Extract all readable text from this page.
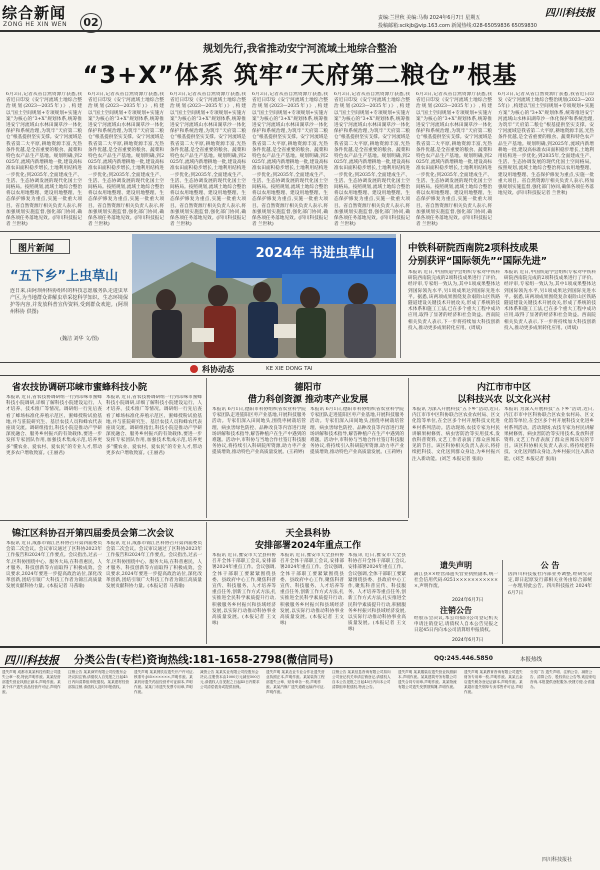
综合新闻
ZONG HE XIN WEN	02	责编:兰世秋 美编:马梅 2024年6月7日 星期五
投稿邮箱:scikjb@vip.163.com 新闻热线:028-65059836 65059830
四川科技报
规划先行,我省推动安宁河流域土地综合整治
“3+X”体系 筑牢“天府第二粮仓”根基
6月3日,记者从省自然资源厅获悉,我省近日印发《安宁河流域土地综合整治规划(2023—2035年)》,构建以“国土空间规划+专项规划+实施方案”为核心的“3+X”规划体系,统筹推进安宁河流域山水林田湖草沙一体化保护和系统治理,为筑牢“天府第二粮仓”根基提供坚实支撑。安宁河流域是我省第二大平原,耕地资源丰富,光热条件优越,是全省重要的粮食、蔬菜和特色农产品生产基地。规划明确,到2025年,流域内新增耕地一批,建设高标准农田面积稳步增长,土地利用结构进一步优化;到2035年,全面建成生产、生活、生态协调发展的现代化国土空间格局。按照规划,流域土地综合整治将以农用地整理、建设用地整理、生态保护修复为重点,实施一批重大项目。省自然资源厅相关负责人表示,将加强规划实施监督,强化部门协同,确保各项任务落地见效。(四川科技报记者 兰世秋)
6月3日,记者从省自然资源厅获悉,我省近日印发《安宁河流域土地综合整治规划(2023—2035年)》,构建以“国土空间规划+专项规划+实施方案”为核心的“3+X”规划体系,统筹推进安宁河流域山水林田湖草沙一体化保护和系统治理,为筑牢“天府第二粮仓”根基提供坚实支撑。安宁河流域是我省第二大平原,耕地资源丰富,光热条件优越,是全省重要的粮食、蔬菜和特色农产品生产基地。规划明确,到2025年,流域内新增耕地一批,建设高标准农田面积稳步增长,土地利用结构进一步优化;到2035年,全面建成生产、生活、生态协调发展的现代化国土空间格局。按照规划,流域土地综合整治将以农用地整理、建设用地整理、生态保护修复为重点,实施一批重大项目。省自然资源厅相关负责人表示,将加强规划实施监督,强化部门协同,确保各项任务落地见效。(四川科技报记者 兰世秋)
6月3日,记者从省自然资源厅获悉,我省近日印发《安宁河流域土地综合整治规划(2023—2035年)》,构建以“国土空间规划+专项规划+实施方案”为核心的“3+X”规划体系,统筹推进安宁河流域山水林田湖草沙一体化保护和系统治理,为筑牢“天府第二粮仓”根基提供坚实支撑。安宁河流域是我省第二大平原,耕地资源丰富,光热条件优越,是全省重要的粮食、蔬菜和特色农产品生产基地。规划明确,到2025年,流域内新增耕地一批,建设高标准农田面积稳步增长,土地利用结构进一步优化;到2035年,全面建成生产、生活、生态协调发展的现代化国土空间格局。按照规划,流域土地综合整治将以农用地整理、建设用地整理、生态保护修复为重点,实施一批重大项目。省自然资源厅相关负责人表示,将加强规划实施监督,强化部门协同,确保各项任务落地见效。(四川科技报记者 兰世秋)
6月3日,记者从省自然资源厅获悉,我省近日印发《安宁河流域土地综合整治规划(2023—2035年)》,构建以“国土空间规划+专项规划+实施方案”为核心的“3+X”规划体系,统筹推进安宁河流域山水林田湖草沙一体化保护和系统治理,为筑牢“天府第二粮仓”根基提供坚实支撑。安宁河流域是我省第二大平原,耕地资源丰富,光热条件优越,是全省重要的粮食、蔬菜和特色农产品生产基地。规划明确,到2025年,流域内新增耕地一批,建设高标准农田面积稳步增长,土地利用结构进一步优化;到2035年,全面建成生产、生活、生态协调发展的现代化国土空间格局。按照规划,流域土地综合整治将以农用地整理、建设用地整理、生态保护修复为重点,实施一批重大项目。省自然资源厅相关负责人表示,将加强规划实施监督,强化部门协同,确保各项任务落地见效。(四川科技报记者 兰世秋)
6月3日,记者从省自然资源厅获悉,我省近日印发《安宁河流域土地综合整治规划(2023—2035年)》,构建以“国土空间规划+专项规划+实施方案”为核心的“3+X”规划体系,统筹推进安宁河流域山水林田湖草沙一体化保护和系统治理,为筑牢“天府第二粮仓”根基提供坚实支撑。安宁河流域是我省第二大平原,耕地资源丰富,光热条件优越,是全省重要的粮食、蔬菜和特色农产品生产基地。规划明确,到2025年,流域内新增耕地一批,建设高标准农田面积稳步增长,土地利用结构进一步优化;到2035年,全面建成生产、生活、生态协调发展的现代化国土空间格局。按照规划,流域土地综合整治将以农用地整理、建设用地整理、生态保护修复为重点,实施一批重大项目。省自然资源厅相关负责人表示,将加强规划实施监督,强化部门协同,确保各项任务落地见效。(四川科技报记者 兰世秋)
6月3日,记者从省自然资源厅获悉,我省近日印发《安宁河流域土地综合整治规划(2023—2035年)》,构建以“国土空间规划+专项规划+实施方案”为核心的“3+X”规划体系,统筹推进安宁河流域山水林田湖草沙一体化保护和系统治理,为筑牢“天府第二粮仓”根基提供坚实支撑。安宁河流域是我省第二大平原,耕地资源丰富,光热条件优越,是全省重要的粮食、蔬菜和特色农产品生产基地。规划明确,到2025年,流域内新增耕地一批,建设高标准农田面积稳步增长,土地利用结构进一步优化;到2035年,全面建成生产、生活、生态协调发展的现代化国土空间格局。按照规划,流域土地综合整治将以农用地整理、建设用地整理、生态保护修复为重点,实施一批重大项目。省自然资源厅相关负责人表示,将加强规划实施监督,强化部门协同,确保各项任务落地见效。(四川科技报记者 兰世秋)
6月3日,记者从省自然资源厅获悉,我省近日印发《安宁河流域土地综合整治规划(2023—2035年)》,构建以“国土空间规划+专项规划+实施方案”为核心的“3+X”规划体系,统筹推进安宁河流域山水林田湖草沙一体化保护和系统治理,为筑牢“天府第二粮仓”根基提供坚实支撑。安宁河流域是我省第二大平原,耕地资源丰富,光热条件优越,是全省重要的粮食、蔬菜和特色农产品生产基地。规划明确,到2025年,流域内新增耕地一批,建设高标准农田面积稳步增长,土地利用结构进一步优化;到2035年,全面建成生产、生活、生态协调发展的现代化国土空间格局。按照规划,流域土地综合整治将以农用地整理、建设用地整理、生态保护修复为重点,实施一批重大项目。省自然资源厅相关负责人表示,将加强规划实施监督,强化部门协同,确保各项任务落地见效。(四川科技报记者 兰世秋)
图片新闻
“五下乡”上虫草山
连日来,由阿坝州科协组织的科技志愿服务队走进虫草产区,为当地群众讲解虫草采挖科学知识、生态环境保护等内容,并发放科普宣传资料,受到群众欢迎。(阿坝州科协 供图)
(魏洁 刘华 文/图)
2024年 书进虫草山	中铁科研院西南院2项科技成果
分别获评“国际领先”“国际先进”
本报讯 近日,中国铁道学会组织专家对中铁科研院西南院完成的2项科技成果进行了评价。经评审,专家组一致认为,其中1项成果整体达到国际领先水平,另1项成果达到国际先进水平。据悉,该两项成果围绕复杂艰险山区铁路隧道建设关键技术开展攻关,形成了系统的技术体系和施工工法,已在多个重大工程中成功应用,取得了显著的经济和社会效益。西南院相关负责人表示,下一步将持续加大科技创新投入,推动更多成果转化应用。(周斌)
本报讯 近日,中国铁道学会组织专家对中铁科研院西南院完成的2项科技成果进行了评价。经评审,专家组一致认为,其中1项成果整体达到国际领先水平,另1项成果达到国际先进水平。据悉,该两项成果围绕复杂艰险山区铁路隧道建设关键技术开展攻关,形成了系统的技术体系和施工工法,已在多个重大工程中成功应用,取得了显著的经济和社会效益。西南院相关负责人表示,下一步将持续加大科技创新投入,推动更多成果转化应用。(周斌)
科协动态	KE XIE DONG TAI
省农技协调研邛崃市蜜蜂科技小院
本报讯 近日,省农技协调研组一行到邛崃市蜜蜂科技小院调研,详细了解科技小院建设运行、人才培养、技术推广等情况。调研组一行先后查看了蜂场标准化养殖示范区、蜜蜂授粉试验基地,并与驻院研究生、基层农技人员和蜂农代表座谈交流。调研组指出,科技小院是推动产学研深度融合、服务乡村振兴的有效载体,要进一步发挥专家团队作用,加强技术集成示范,培养更多“懂农业、爱农村、爱农民”的专业人才,带动更多农户增收致富。(王丽君)
本报讯 近日,省农技协调研组一行到邛崃市蜜蜂科技小院调研,详细了解科技小院建设运行、人才培养、技术推广等情况。调研组一行先后查看了蜂场标准化养殖示范区、蜜蜂授粉试验基地,并与驻院研究生、基层农技人员和蜂农代表座谈交流。调研组指出,科技小院是推动产学研深度融合、服务乡村振兴的有效载体,要进一步发挥专家团队作用,加强技术集成示范,培养更多“懂农业、爱农村、爱农民”的专业人才,带动更多农户增收致富。(王丽君)
德阳市
借力科创资源 推动枣产业发展
本报讯 6月1日,德阳市科协组织省农业科学院专家团队走进旌阳区枣产业基地,开展科技服务活动。专家们深入田间地头,围绕枣树栽培管理、病虫害绿色防控、品种改良等内容进行现场讲解和技术指导,解答种植户在生产中遇到的难题。活动中,市科协与当地合作社签订科技服务协议,将持续引入科研院所资源,助力枣产业提质增效,推动特色产业高质量发展。(王莉婷)
本报讯 6月1日,德阳市科协组织省农业科学院专家团队走进旌阳区枣产业基地,开展科技服务活动。专家们深入田间地头,围绕枣树栽培管理、病虫害绿色防控、品种改良等内容进行现场讲解和技术指导,解答种植户在生产中遇到的难题。活动中,市科协与当地合作社签订科技服务协议,将持续引入科研院所资源,助力枣产业提质增效,推动特色产业高质量发展。(王莉婷)
内江市市中区
以科技兴农 以文化兴村
本报讯 为深入开展科技“五下乡”活动,近日,内江市市中区科协联合区农业农村局、区文化馆等单位,在全区多个村开展科技文化进乡村系列活动。活动现场,农技专家为村民讲解果树修剪、病虫害防治等实用技术,发放科普资料,文艺工作者表演了群众喜闻乐见的节目。该区科协相关负责人表示,将持续把科技、文化送到群众身边,为乡村振兴注入新动能。(刘芝 本报记者 张雨)
本报讯 为深入开展科技“五下乡”活动,近日,内江市市中区科协联合区农业农村局、区文化馆等单位,在全区多个村开展科技文化进乡村系列活动。活动现场,农技专家为村民讲解果树修剪、病虫害防治等实用技术,发放科普资料,文艺工作者表演了群众喜闻乐见的节目。该区科协相关负责人表示,将持续把科技、文化送到群众身边,为乡村振兴注入新动能。(刘芝 本报记者 张雨)
锦江区科协召开第四届委员会第二次会议
本报讯 近日,成都市锦江区科协召开第四届委员会第二次会议。会议审议通过了区科协2023年工作报告和2024年工作要点。会议指出,过去一年,区科协围绕中心、服务大局,在科普惠民、人才服务、科技创新等方面取得了积极成效。会议要求,2024年要进一步提高政治站位,深化改革创新,团结引领广大科技工作者为锦江高质量发展贡献科协力量。(本报记者 马茜瑜)
本报讯 近日,成都市锦江区科协召开第四届委员会第二次会议。会议审议通过了区科协2023年工作报告和2024年工作要点。会议指出,过去一年,区科协围绕中心、服务大局,在科普惠民、人才服务、科技创新等方面取得了积极成效。会议要求,2024年要进一步提高政治站位,深化改革创新,团结引领广大科技工作者为锦江高质量发展贡献科协力量。(本报记者 马茜瑜)
天全县科协
安排部署2024年重点工作
本报讯 近日,雅安市天全县科协召开全体干部职工会议,安排部署2024年重点工作。会议强调,全体干部职工要紧紧围绕县委、县政府中心工作,聚焦科普宣传、科技服务、人才培养等重点任务,创新工作方式方法,扎实推进全民科学素质提升行动,积极服务乡村振兴和县域经济发展,以实际行动推动科协事业高质量发展。(本报记者 王文咏)
本报讯 近日,雅安市天全县科协召开全体干部职工会议,安排部署2024年重点工作。会议强调,全体干部职工要紧紧围绕县委、县政府中心工作,聚焦科普宣传、科技服务、人才培养等重点任务,创新工作方式方法,扎实推进全民科学素质提升行动,积极服务乡村振兴和县域经济发展,以实际行动推动科协事业高质量发展。(本报记者 王文咏)
本报讯 近日,雅安市天全县科协召开全体干部职工会议,安排部署2024年重点工作。会议强调,全体干部职工要紧紧围绕县委、县政府中心工作,聚焦科普宣传、科技服务、人才培养等重点任务,创新工作方式方法,扎实推进全民科学素质提升行动,积极服务乡村振兴和县域经济发展,以实际行动推动科协事业高质量发展。(本报记者 王文咏)
四川科技报 分类公告(专栏)资询热线:181-1658-2798(微信同号)	QQ:245.446.5850	本报热线
遗失声明 成都市某某科技有限公司遗失公章一枚,特此声明作废。某某经营部遗失营业执照正副本,声明作废。某某个体户遗失食品经营许可证,声明作废。
注销公告 某某商贸有限公司经股东会决议拟注销,请债权人自见报之日起45日内向清算组申报债权。某某建材经营部拟注销,请债权人及时申报债权。
遗失声明 某某餐饮店遗失开户许可证,核准号:J65××××××,声明作废。某某药房遗失药品经营许可证副本,声明作废。某某门市遗失发票专用章,声明作废。
减资公告 某某实业有限公司经股东会决议,注册资本由1000万元减至500万元,请债权人自见报之日起45日内要求公司清偿债务或提供担保。
遗失声明 某某农业专业合作社遗失营业执照正本,声明作废。某某装饰工程部遗失公章、财务章各一枚,声明作废。某某汽修厂遗失道路运输许可证,声明作废。
注销公告 某某信息咨询有限公司拟向公司登记机关申请注销登记,请债权人自本公告见报之日起45日内向本公司清算组申报债权,特此公告。
遗失声明 某某服装店遗失营业执照副本,声明作废。某某建筑劳务有限公司遗失合同专用章,声明作废。某某物流有限公司遗失发票领购簿,声明作废。
遗失声明 某某教育咨询有限公司遗失财务专用章一枚,声明作废。某某五金店遗失税务登记证副本,声明作废。某某超市遗失烟草专卖零售许可证,声明作废。
分类广告 遗失声明、注销公告、减资公告、清算公告、股权转让公告等,欢迎来电咨询,本报提供登报服务,快捷方便,全省通办。
四川科技报社
遗失声明
蒲江县××经营部遗失营业执照副本,统一社会信用代码:9251××××××××××××,声明作废。
2024年6月7日
注销公告
经股东会决议,本公司拟向公司登记机关申请注销登记,请债权人自本公告见报之日起45日内向本公司清算组申报债权。
2024年6月7日
公 告
因四川科技报社内部业务调整,经研究决定,即日起原发行部相关业务由综合部统一办理,特此公告。四川科技报社 2024年6月7日
